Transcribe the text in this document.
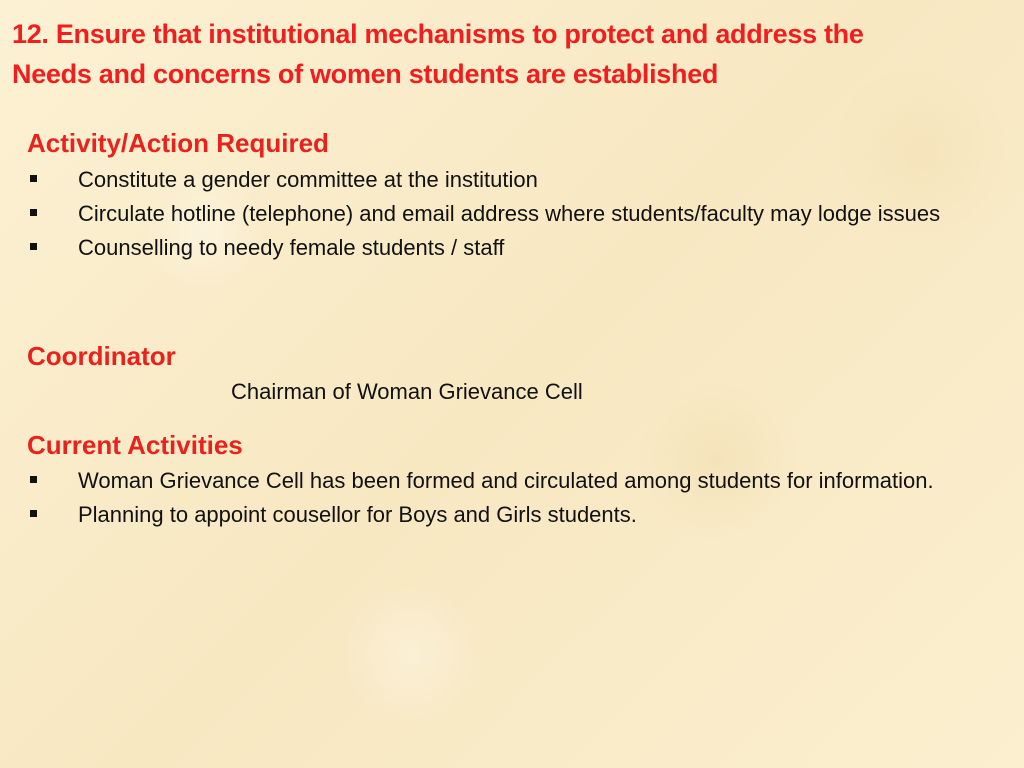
12. Ensure that institutional mechanisms to protect and address the
Needs and concerns of women students are established
Activity/Action Required
Constitute a gender committee at the institution
Circulate hotline (telephone) and email address where students/faculty may lodge issues
Counselling to needy female students / staff
Coordinator
Chairman of Woman Grievance Cell
Current Activities
Woman Grievance Cell has been formed and circulated among students for information.
Planning to appoint cousellor for Boys and Girls students.
